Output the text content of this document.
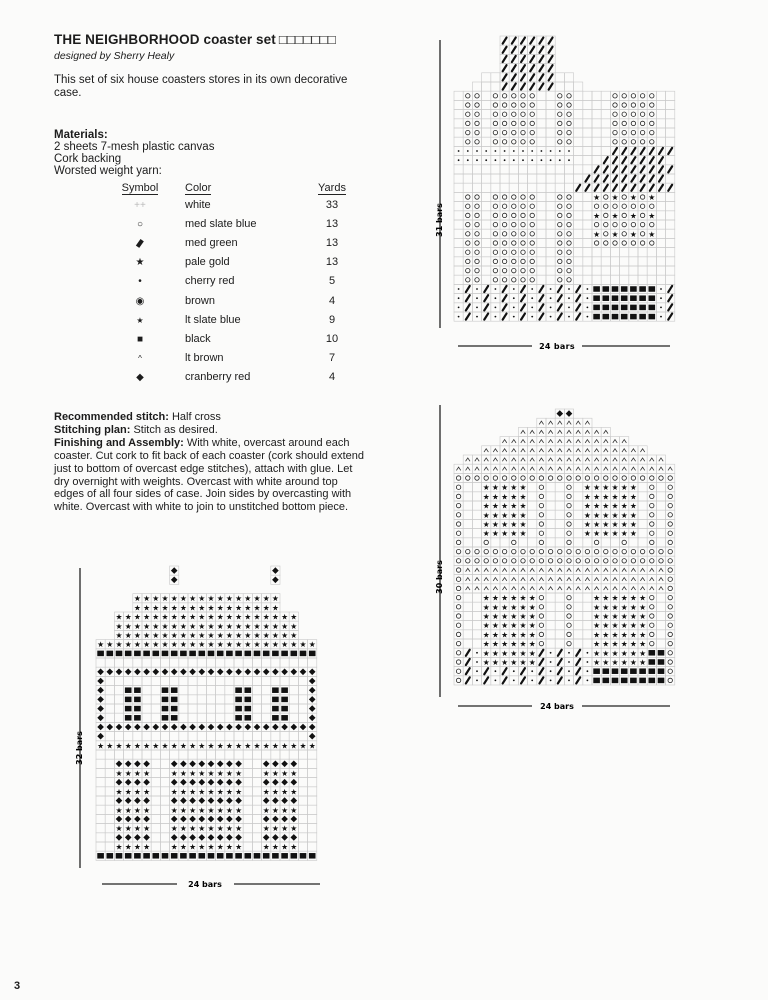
THE NEIGHBORHOOD coaster set □□□□□□□
designed by Sherry Healy
This set of six house coasters stores in its own decorative case.
Materials:
2 sheets 7-mesh plastic canvas
Cork backing
Worsted weight yarn:
Symbol	Color	Yards
++	white	33
○	med slate blue	13
▮	med green	13
★	pale gold	13
•	cherry red	5
◉	brown	4
★	lt slate blue	9
■	black	10
^	lt brown	7
◆	cranberry red	4
Recommended stitch: Half cross
Stitching plan: Stitch as desired.
Finishing and Assembly: With white, overcast around each coaster. Cut cork to fit back of each coaster (cork should extend just to bottom of overcast edge stitches), attach with glue. Let dry overnight with weights. Overcast with white around top edges of all four sides of case. Join sides by overcasting with white. Overcast with white to join to unstitched bottom piece.
★ ★ ★ ★
★ ★ ★ ★
★ ★ ★ ★
24 bars
31 bars
★ ★ ★ ★ ★	★ ★ ★ ★ ★ ★
★ ★ ★ ★ ★	★ ★ ★ ★ ★ ★
★ ★ ★ ★ ★	★ ★ ★ ★ ★ ★
★ ★ ★ ★ ★	★ ★ ★ ★ ★ ★
★ ★ ★ ★ ★	★ ★ ★ ★ ★ ★
★ ★ ★ ★ ★	★ ★ ★ ★ ★ ★
★ ★ ★ ★ ★ ★	★ ★ ★ ★ ★ ★
★ ★ ★ ★ ★ ★	★ ★ ★ ★ ★ ★
★ ★ ★ ★ ★ ★	★ ★ ★ ★ ★ ★
★ ★ ★ ★ ★ ★	★ ★ ★ ★ ★ ★
★ ★ ★ ★ ★ ★	★ ★ ★ ★ ★ ★
★ ★ ★ ★ ★ ★	★ ★ ★ ★ ★ ★
★ ★ ★ ★ ★ ★	★ ★ ★ ★ ★ ★
★ ★ ★ ★ ★ ★	★ ★ ★ ★ ★ ★
24 bars
30 bars
★ ★ ★ ★ ★ ★ ★ ★ ★ ★ ★ ★ ★ ★ ★ ★
★ ★ ★ ★ ★ ★ ★ ★ ★ ★ ★ ★ ★ ★ ★ ★
★ ★ ★ ★ ★ ★ ★ ★ ★ ★ ★ ★ ★ ★ ★ ★ ★ ★ ★ ★
★ ★ ★ ★ ★ ★ ★ ★ ★ ★ ★ ★ ★ ★ ★ ★ ★ ★ ★ ★
★ ★ ★ ★ ★ ★ ★ ★ ★ ★ ★ ★ ★ ★ ★ ★ ★ ★ ★ ★
★ ★ ★ ★ ★ ★ ★ ★ ★ ★ ★ ★ ★ ★ ★ ★ ★ ★ ★ ★ ★ ★ ★ ★
★ ★ ★ ★ ★ ★ ★ ★ ★ ★ ★ ★ ★ ★ ★ ★ ★ ★ ★ ★ ★ ★ ★ ★
★ ★ ★ ★	★ ★ ★ ★ ★ ★ ★ ★	★ ★ ★ ★
★ ★ ★ ★	★ ★ ★ ★ ★ ★ ★ ★	★ ★ ★ ★
★ ★ ★ ★	★ ★ ★ ★ ★ ★ ★ ★	★ ★ ★ ★
★ ★ ★ ★	★ ★ ★ ★ ★ ★ ★ ★	★ ★ ★ ★
★ ★ ★ ★	★ ★ ★ ★ ★ ★ ★ ★	★ ★ ★ ★
24 bars
32 bars
3
